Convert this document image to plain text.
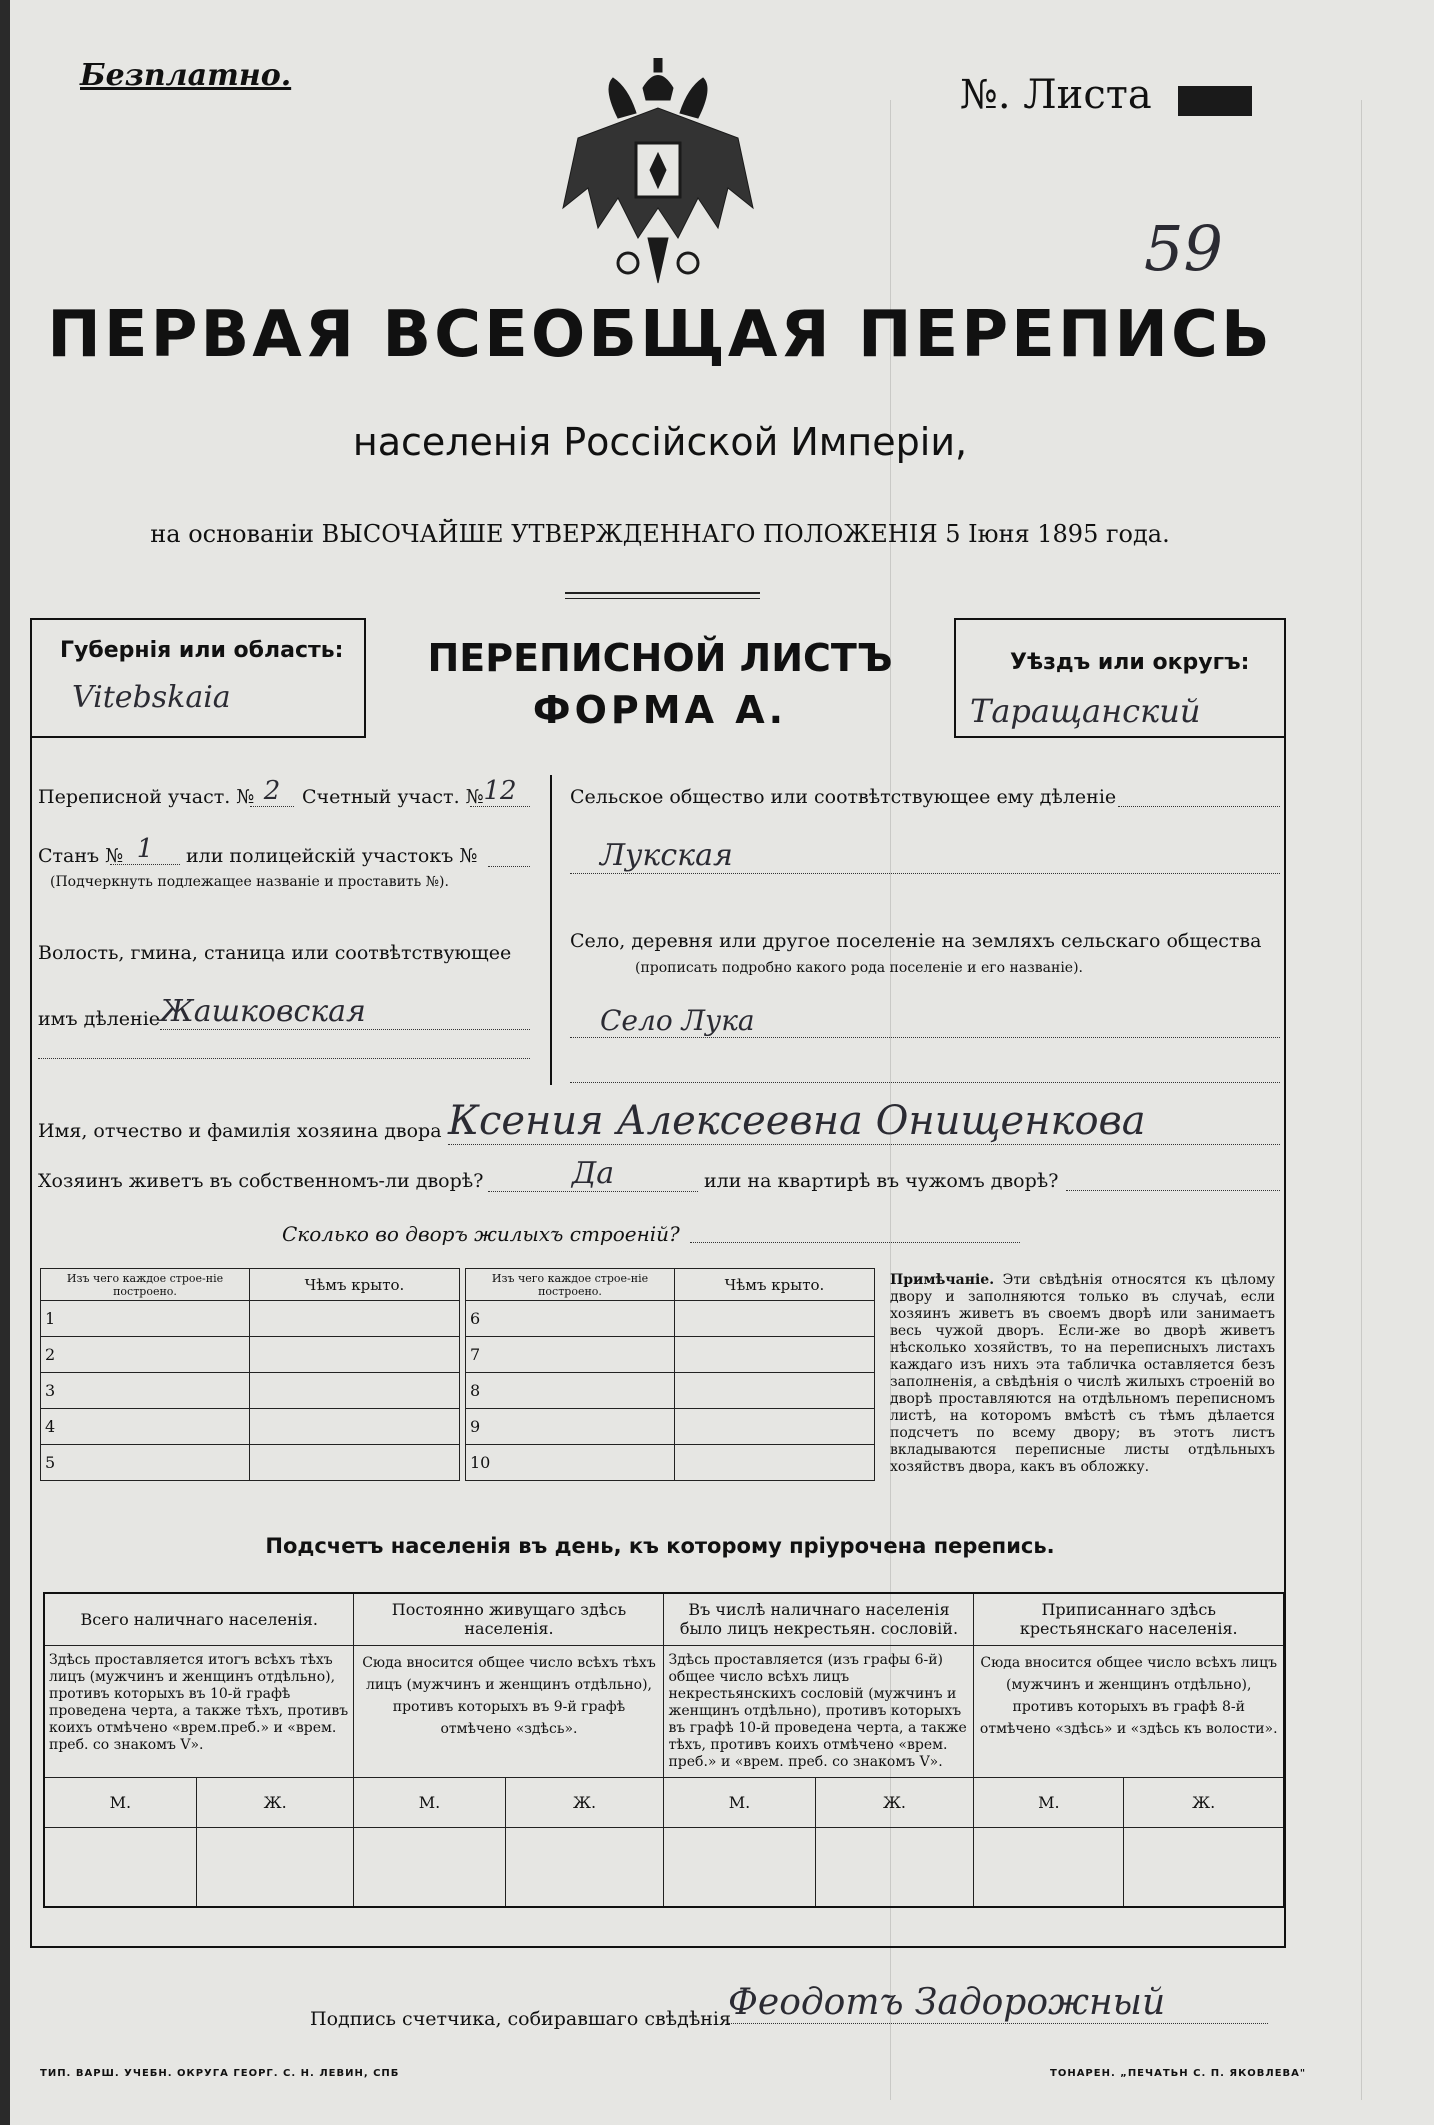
Безплатно.	№. Листа
59
ПЕРВАЯ ВСЕОБЩАЯ ПЕРЕПИСЬ
населенія Россійской Имперіи,
на основаніи ВЫСОЧАЙШЕ УТВЕРЖДЕННАГО ПОЛОЖЕНІЯ 5 Іюня 1895 года.
Губернія или область:
Vitebskaia
ПЕРЕПИСНОЙ ЛИСТЪ
ФОРМА А.
Уѣздъ или округъ:
Таращанский
Переписной участ. № 2	Счетный участ. № 12
Станъ № 1	или полицейскій участокъ №
(Подчеркнуть подлежащее названіе и проставить №).
Волость, гмина, станица или соотвѣтствующее
имъ дѣленіе Жашковская
Сельское общество или соотвѣтствующее ему дѣленіе
Лукская
Село, деревня или другое поселеніе на земляхъ сельскаго общества
(прописать подробно какого рода поселеніе и его названіе).
Село Лука
Имя, отчество и фамилія хозяина двора Ксения Алексеевна Онищенкова
Хозяинъ живетъ въ собственномъ-ли дворѣ?	Да	или на квартирѣ въ чужомъ дворѣ?
Сколько во дворъ жилыхъ строеній?
Изъ чего каждое строе-ніе построено.	Чѣмъ крыто.
1	
2	
3	
4	
5	
Изъ чего каждое строе-ніе построено.	Чѣмъ крыто.
6	
7	
8	
9	
10	
Примѣчаніе. Эти свѣдѣнія относятся къ цѣлому двору и заполняются только въ случаѣ, если хозяинъ живетъ въ своемъ дворѣ или занимаетъ весь чужой дворъ. Если-же во дворѣ живетъ нѣсколько хозяйствъ, то на переписныхъ листахъ каждаго изъ нихъ эта табличка оставляется безъ заполненія, а свѣдѣнія о числѣ жилыхъ строеній во дворѣ проставляются на отдѣльномъ переписномъ листѣ, на которомъ вмѣстѣ съ тѣмъ дѣлается подсчетъ по всему двору; въ этотъ листъ вкладываются переписные листы отдѣльныхъ хозяйствъ двора, какъ въ обложку.
Подсчетъ населенія въ день, къ которому пріурочена перепись.
Всего наличнаго населенія.		Постоянно живущаго здѣсь населенія.		Въ числѣ наличнаго населенія было лицъ некрестьян. сословій.		Приписаннаго здѣсь крестьянскаго населенія.	
Здѣсь проставляется итогъ всѣхъ тѣхъ лицъ (мужчинъ и женщинъ отдѣльно), противъ которыхъ въ 10-й графѣ проведена черта, а также тѣхъ, противъ коихъ отмѣчено «врем.преб.» и «врем. преб. со знакомъ V».		Сюда вносится общее число всѣхъ тѣхъ лицъ (мужчинъ и женщинъ отдѣльно), противъ которыхъ въ 9-й графѣ отмѣчено «здѣсь».		Здѣсь проставляется (изъ графы 6-й) общее число всѣхъ лицъ некрестьянскихъ сословій (мужчинъ и женщинъ отдѣльно), противъ которыхъ въ графѣ 10-й проведена черта, а также тѣхъ, противъ коихъ отмѣчено «врем. преб.» и «врем. преб. со знакомъ V».		Сюда вносится общее число всѣхъ лицъ (мужчинъ и женщинъ отдѣльно), противъ которыхъ въ графѣ 8-й отмѣчено «здѣсь» и «здѣсь къ волости».	
М.	Ж.	М.	Ж.	М.	Ж.	М.	Ж.

Подпись счетчика, собиравшаго свѣдѣнія
Феодотъ Задорожный
ТИП. ВАРШ. УЧЕБН. ОКРУГА ГЕОРГ. С. Н. ЛЕВИН, СПБ	ТОНАРЕН. „ПЕЧАТЬН С. П. ЯКОВЛЕВА"
